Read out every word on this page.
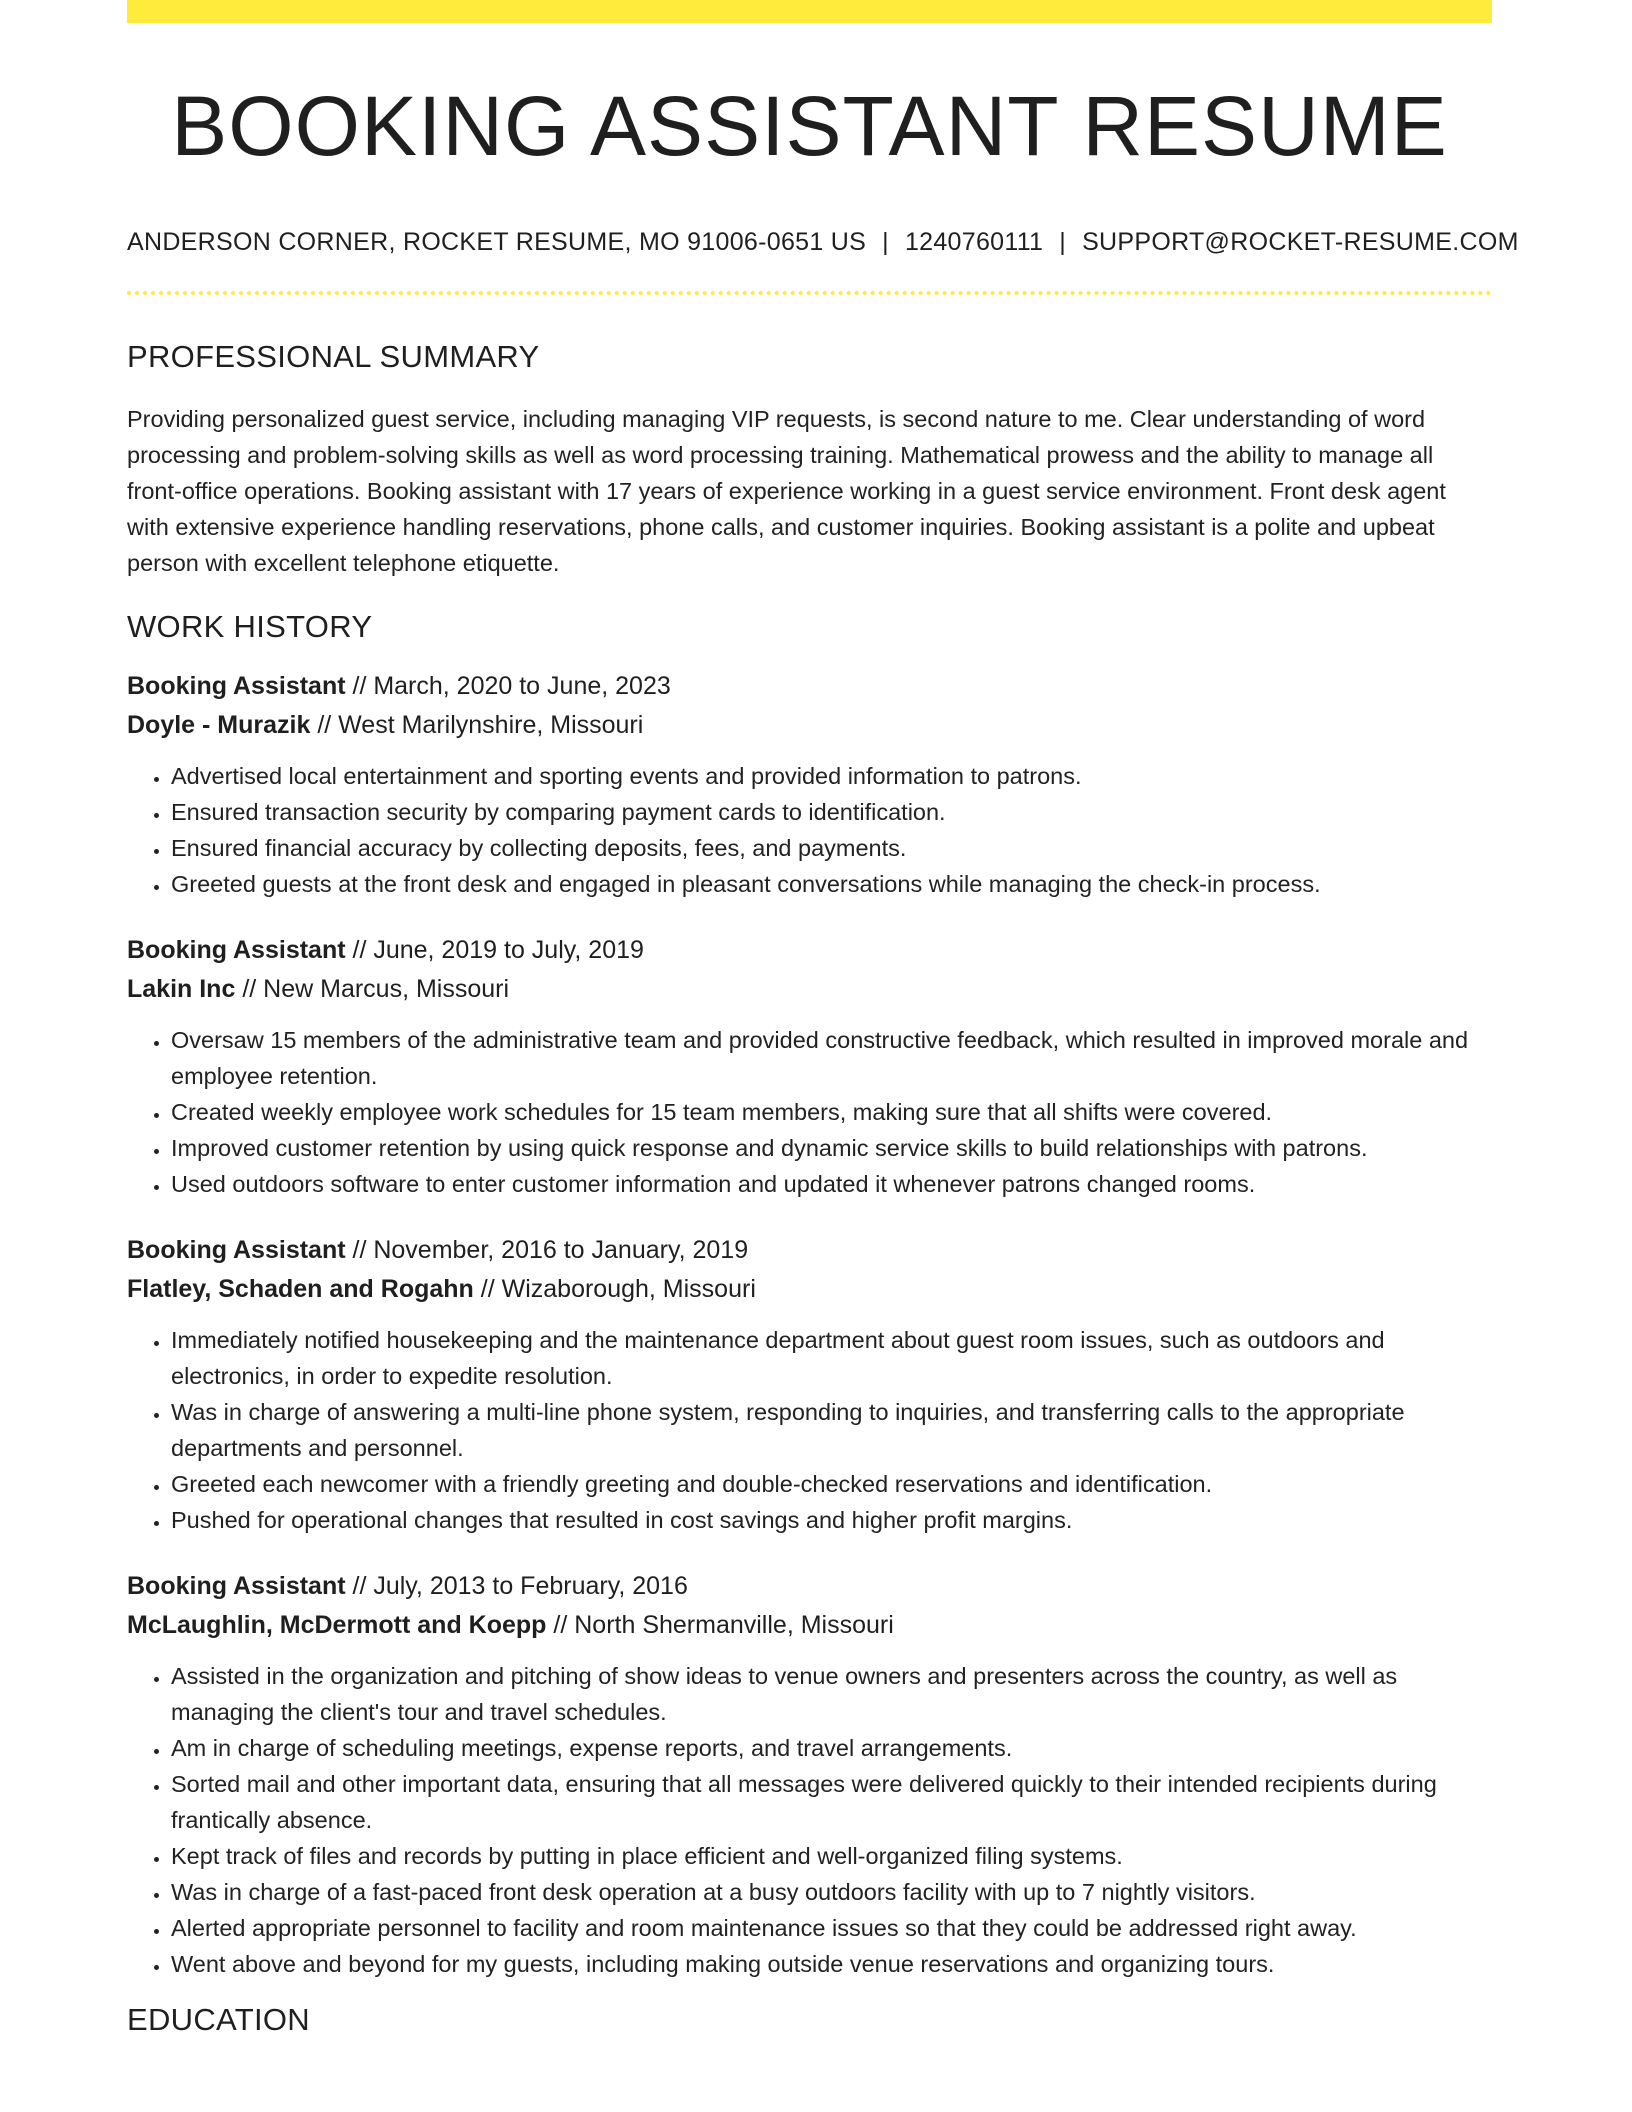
BOOKING ASSISTANT RESUME
ANDERSON CORNER, ROCKET RESUME, MO 91006-0651 US | 1240760111 | SUPPORT@ROCKET-RESUME.COM
PROFESSIONAL SUMMARY

Providing personalized guest service, including managing VIP requests, is second nature to me. Clear understanding of word processing and problem-solving skills as well as word processing training. Mathematical prowess and the ability to manage all front-office operations. Booking assistant with 17 years of experience working in a guest service environment. Front desk agent with extensive experience handling reservations, phone calls, and customer inquiries. Booking assistant is a polite and upbeat person with excellent telephone etiquette.

WORK HISTORY

Booking Assistant // March, 2020 to June, 2023

Doyle - Murazik // West Marilynshire, Missouri

• Advertised local entertainment and sporting events and provided information to patrons.
• Ensured transaction security by comparing payment cards to identification.
• Ensured financial accuracy by collecting deposits, fees, and payments.
• Greeted guests at the front desk and engaged in pleasant conversations while managing the check-in process.

Booking Assistant // June, 2019 to July, 2019

Lakin Inc // New Marcus, Missouri

• Oversaw 15 members of the administrative team and provided constructive feedback, which resulted in improved morale and employee retention.
• Created weekly employee work schedules for 15 team members, making sure that all shifts were covered.
• Improved customer retention by using quick response and dynamic service skills to build relationships with patrons.
• Used outdoors software to enter customer information and updated it whenever patrons changed rooms.

Booking Assistant // November, 2016 to January, 2019

Flatley, Schaden and Rogahn // Wizaborough, Missouri

• Immediately notified housekeeping and the maintenance department about guest room issues, such as outdoors and electronics, in order to expedite resolution.
• Was in charge of answering a multi-line phone system, responding to inquiries, and transferring calls to the appropriate departments and personnel.
• Greeted each newcomer with a friendly greeting and double-checked reservations and identification.
• Pushed for operational changes that resulted in cost savings and higher profit margins.

Booking Assistant // July, 2013 to February, 2016

McLaughlin, McDermott and Koepp // North Shermanville, Missouri

• Assisted in the organization and pitching of show ideas to venue owners and presenters across the country, as well as managing the client's tour and travel schedules.
• Am in charge of scheduling meetings, expense reports, and travel arrangements.
• Sorted mail and other important data, ensuring that all messages were delivered quickly to their intended recipients during frantically absence.
• Kept track of files and records by putting in place efficient and well-organized filing systems.
• Was in charge of a fast-paced front desk operation at a busy outdoors facility with up to 7 nightly visitors.
• Alerted appropriate personnel to facility and room maintenance issues so that they could be addressed right away.
• Went above and beyond for my guests, including making outside venue reservations and organizing tours.
EDUCATION
